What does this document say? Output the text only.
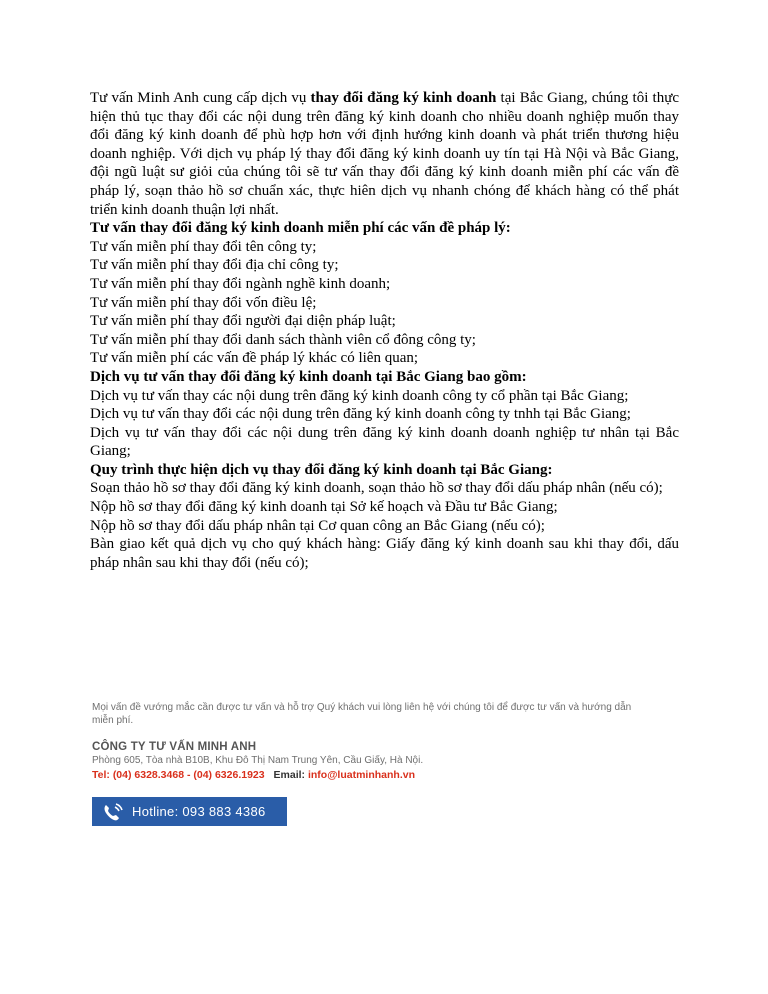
Tư vấn Minh Anh cung cấp dịch vụ thay đổi đăng ký kinh doanh tại Bắc Giang, chúng tôi thực hiện thủ tục thay đổi các nội dung trên đăng ký kinh doanh cho nhiều doanh nghiệp muốn thay đổi đăng ký kinh doanh để phù hợp hơn với định hướng kinh doanh và phát triển thương hiệu doanh nghiệp. Với dịch vụ pháp lý thay đổi đăng ký kinh doanh uy tín tại Hà Nội và Bắc Giang, đội ngũ luật sư giỏi của chúng tôi sẽ tư vấn thay đổi đăng ký kinh doanh miễn phí các vấn đề pháp lý, soạn thảo hồ sơ chuẩn xác, thực hiên dịch vụ nhanh chóng để khách hàng có thể phát triển kinh doanh thuận lợi nhất.

Tư vấn thay đổi đăng ký kinh doanh miễn phí các vấn đề pháp lý:

Tư vấn miễn phí thay đổi tên công ty;

Tư vấn miễn phí thay đổi địa chỉ công ty;

Tư vấn miễn phí thay đổi ngành nghề kinh doanh;

Tư vấn miễn phí thay đổi vốn điều lệ;

Tư vấn miễn phí thay đổi người đại diện pháp luật;

Tư vấn miễn phí thay đổi danh sách thành viên cổ đông công ty;

Tư vấn miễn phí các vấn đề pháp lý khác có liên quan;

Dịch vụ tư vấn thay đổi đăng ký kinh doanh tại Bắc Giang bao gồm:

Dịch vụ tư vấn thay các nội dung trên đăng ký kinh doanh công ty cổ phần tại Bắc Giang;

Dịch vụ tư vấn thay đổi các nội dung trên đăng ký kinh doanh công ty tnhh tại Bắc Giang;

Dịch vụ tư vấn thay đổi các nội dung trên đăng ký kinh doanh doanh nghiệp tư nhân tại Bắc Giang;

Quy trình thực hiện dịch vụ thay đổi đăng ký kinh doanh tại Bắc Giang:

Soạn thảo hồ sơ thay đổi đăng ký kinh doanh, soạn thảo hồ sơ thay đổi dấu pháp nhân (nếu có);

Nộp hồ sơ thay đổi đăng ký kinh doanh tại Sở kế hoạch và Đầu tư Bắc Giang;

Nộp hồ sơ thay đổi dấu pháp nhân tại Cơ quan công an Bắc Giang (nếu có);

Bàn giao kết quả dịch vụ cho quý khách hàng: Giấy đăng ký kinh doanh sau khi thay đổi, dấu pháp nhân sau khi thay đổi (nếu có);

Mọi vấn đề vướng mắc cần được tư vấn và hỗ trợ Quý khách vui lòng liên hệ với chúng tôi để được tư vấn và hướng dẫn miễn phí.

CÔNG TY TƯ VẤN MINH ANH

Phòng 605, Tòa nhà B10B, Khu Đô Thị Nam Trung Yên, Cầu Giấy, Hà Nội.

Tel: (04) 6328.3468 - (04) 6326.1923 Email: info@luatminhanh.vn

Hotline: 093 883 4386
